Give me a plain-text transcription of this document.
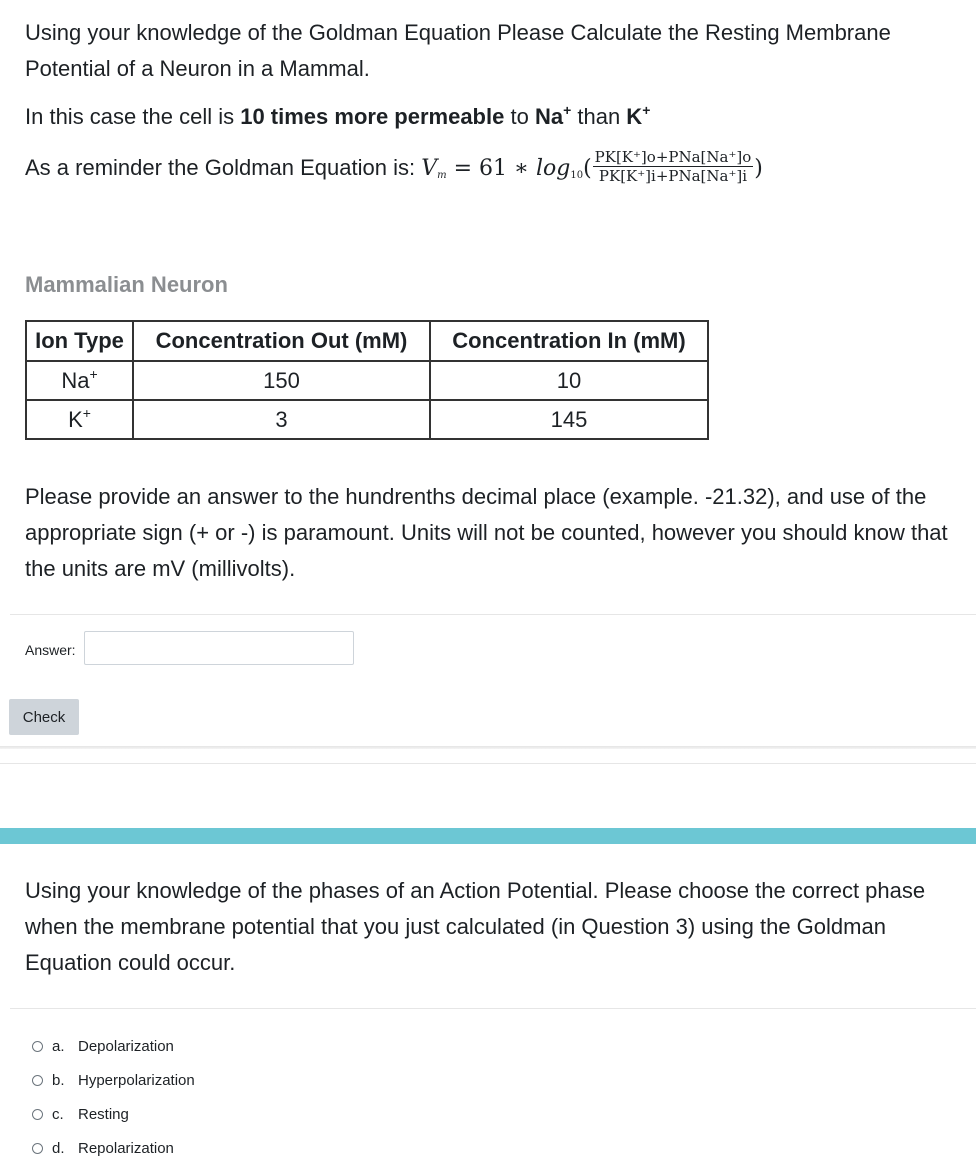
Using your knowledge of the Goldman Equation Please Calculate the Resting Membrane Potential of a Neuron in a Mammal.

In this case the cell is 10 times more permeable to Na+ than K+

As a reminder the Goldman Equation is: Vm = 61 ∗ $\log 10( \frac{\text{PK[K⁺]o+PNa[Na⁺]o}}{\text{PK[K⁺]i+PNa[Na⁺]i}}$ )

Mammalian Neuron
Ion Type	Concentration Out (mM)	Concentration In (mM)
Na+	150	10
K+	3	145

Please provide an answer to the hundrenths decimal place (example. -21.32), and use of the appropriate sign (+ or -) is paramount. Units will not be counted, however you should know that the units are mV (millivolts).

Answer:
Check

Using your knowledge of the phases of an Action Potential. Please choose the correct phase when the membrane potential that you just calculated (in Question 3) using the Goldman Equation could occur.

a. Depolarization
b. Hyperpolarization
c. Resting
d. Repolarization
